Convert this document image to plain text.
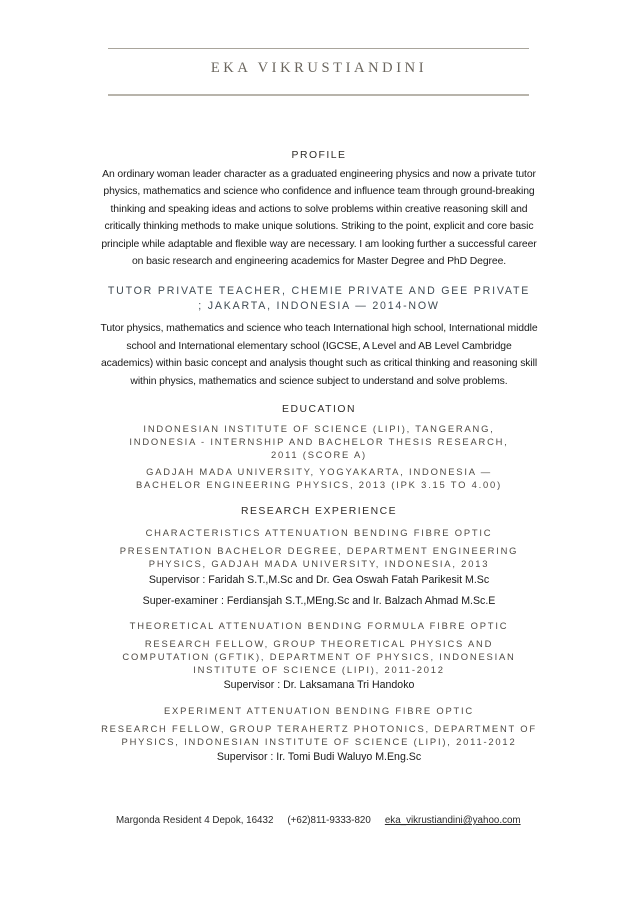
EKA VIKRUSTIANDINI
PROFILE
An ordinary woman leader character as a graduated engineering physics and now a private tutor physics, mathematics and science who confidence and influence team through ground-breaking thinking and speaking ideas and actions to solve problems within creative reasoning skill and critically thinking methods to make unique solutions. Striking to the point, explicit and core basic principle while adaptable and flexible way are necessary. I am looking further a successful career on basic research and engineering academics for Master Degree and PhD Degree.
TUTOR PRIVATE TEACHER, CHEMIE PRIVATE AND GEE PRIVATE ; JAKARTA, INDONESIA — 2014-NOW
Tutor physics, mathematics and science who teach International high school, International middle school and International elementary school (IGCSE, A Level and AB Level Cambridge academics) within basic concept and analysis thought such as critical thinking and reasoning skill within physics, mathematics and science subject to understand and solve problems.
EDUCATION
INDONESIAN INSTITUTE OF SCIENCE (LIPI), TANGERANG, INDONESIA - INTERNSHIP AND BACHELOR THESIS RESEARCH, 2011 (SCORE A)
GADJAH MADA UNIVERSITY, YOGYAKARTA, INDONESIA — BACHELOR ENGINEERING PHYSICS, 2013 (IPK 3.15 TO 4.00)
RESEARCH EXPERIENCE
CHARACTERISTICS ATTENUATION BENDING FIBRE OPTIC
PRESENTATION BACHELOR DEGREE, DEPARTMENT ENGINEERING PHYSICS, GADJAH MADA UNIVERSITY, INDONESIA, 2013
Supervisor : Faridah S.T.,M.Sc and Dr. Gea Oswah Fatah Parikesit M.Sc
Super-examiner : Ferdiansjah S.T.,MEng.Sc and Ir. Balzach Ahmad M.Sc.E
THEORETICAL ATTENUATION BENDING FORMULA FIBRE OPTIC
RESEARCH FELLOW, GROUP THEORETICAL PHYSICS AND COMPUTATION (GFTIK), DEPARTMENT OF PHYSICS, INDONESIAN INSTITUTE OF SCIENCE (LIPI), 2011-2012
Supervisor : Dr. Laksamana Tri Handoko
EXPERIMENT ATTENUATION BENDING FIBRE OPTIC
RESEARCH FELLOW, GROUP TERAHERTZ PHOTONICS, DEPARTMENT OF PHYSICS, INDONESIAN INSTITUTE OF SCIENCE (LIPI), 2011-2012
Supervisor : Ir. Tomi Budi Waluyo M.Eng.Sc
Margonda Resident 4 Depok, 16432 (+62)811-9333-820 eka_vikrustiandini@yahoo.com
